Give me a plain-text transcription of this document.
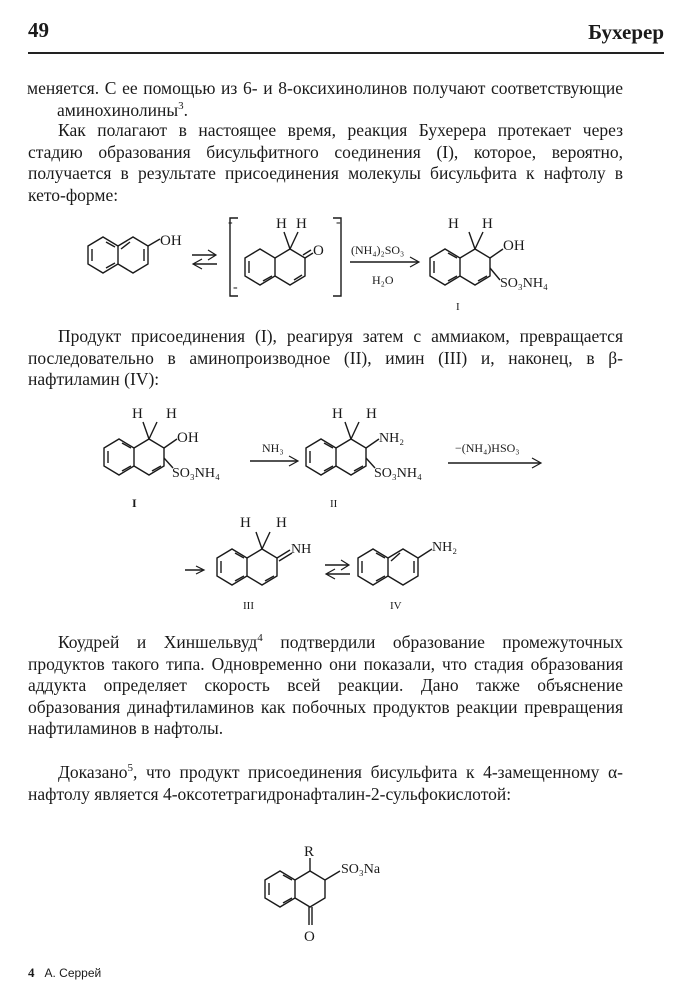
49	Бухерер
меняется. С ее помощью из 6- и 8-оксихинолинов получают соответствующие аминохинолины$^3$.
Как полагают в настоящее время, реакция Бухерера протекает через стадию образования бисульфитного соединения (I), которое, вероятно, получается в результате присоединения молекулы бисульфита к нафтолу в кето-форме:
OH
-
-
-
O
H H
(NH₄)₂SO₃
H₂O
H H
OH
SO₃NH₄
I
Продукт присоединения (I), реагируя затем с аммиаком, превращается последовательно в аминопроизводное (II), имин (III) и, наконец, в β-нафтиламин (IV):
H H
OH
SO₃NH₄
I
NH₃
H H
NH₂
SO₃NH₄
II
−(NH₄)HSO₃
H H
NH
III
NH₂
IV
Коудрей и Хиншельвуд$^4$ подтвердили образование промежуточных продуктов такого типа. Одновременно они показали, что стадия образования аддукта определяет скорость всей реакции. Дано также объяснение образования динафтиламинов как побочных продуктов реакции превращения нафтиламинов в нафтолы.
Доказано$^5$, что продукт присоединения бисульфита к 4-замещенному α-нафтолу является 4-оксотетрагидронафталин-2-сульфокислотой:
R
SO₃Na
O
4 А. Серрей
